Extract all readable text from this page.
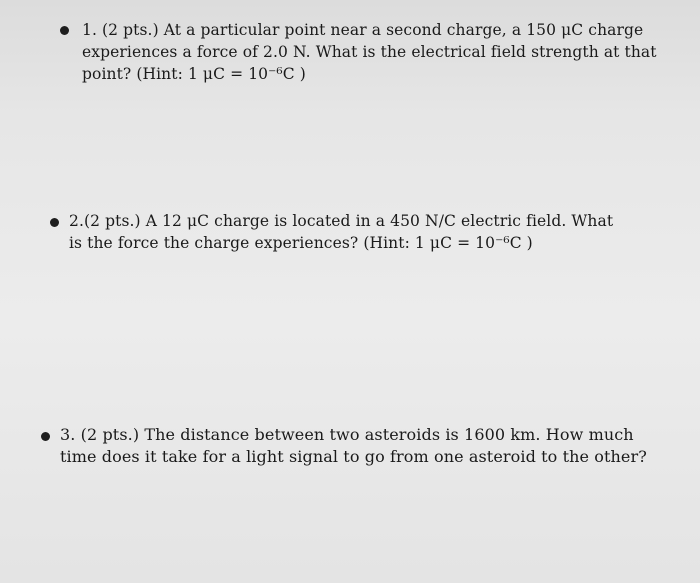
1. (2 pts.) At a particular point near a second charge, a 150 μC charge
experiences a force of 2.0 N. What is the electrical field strength at that
point? (Hint: 1 μC = 10⁻⁶C )
2.(2 pts.) A 12 μC charge is located in a 450 N/C electric field. What
is the force the charge experiences? (Hint: 1 μC = 10⁻⁶C )
3. (2 pts.) The distance between two asteroids is 1600 km. How much
time does it take for a light signal to go from one asteroid to the other?
